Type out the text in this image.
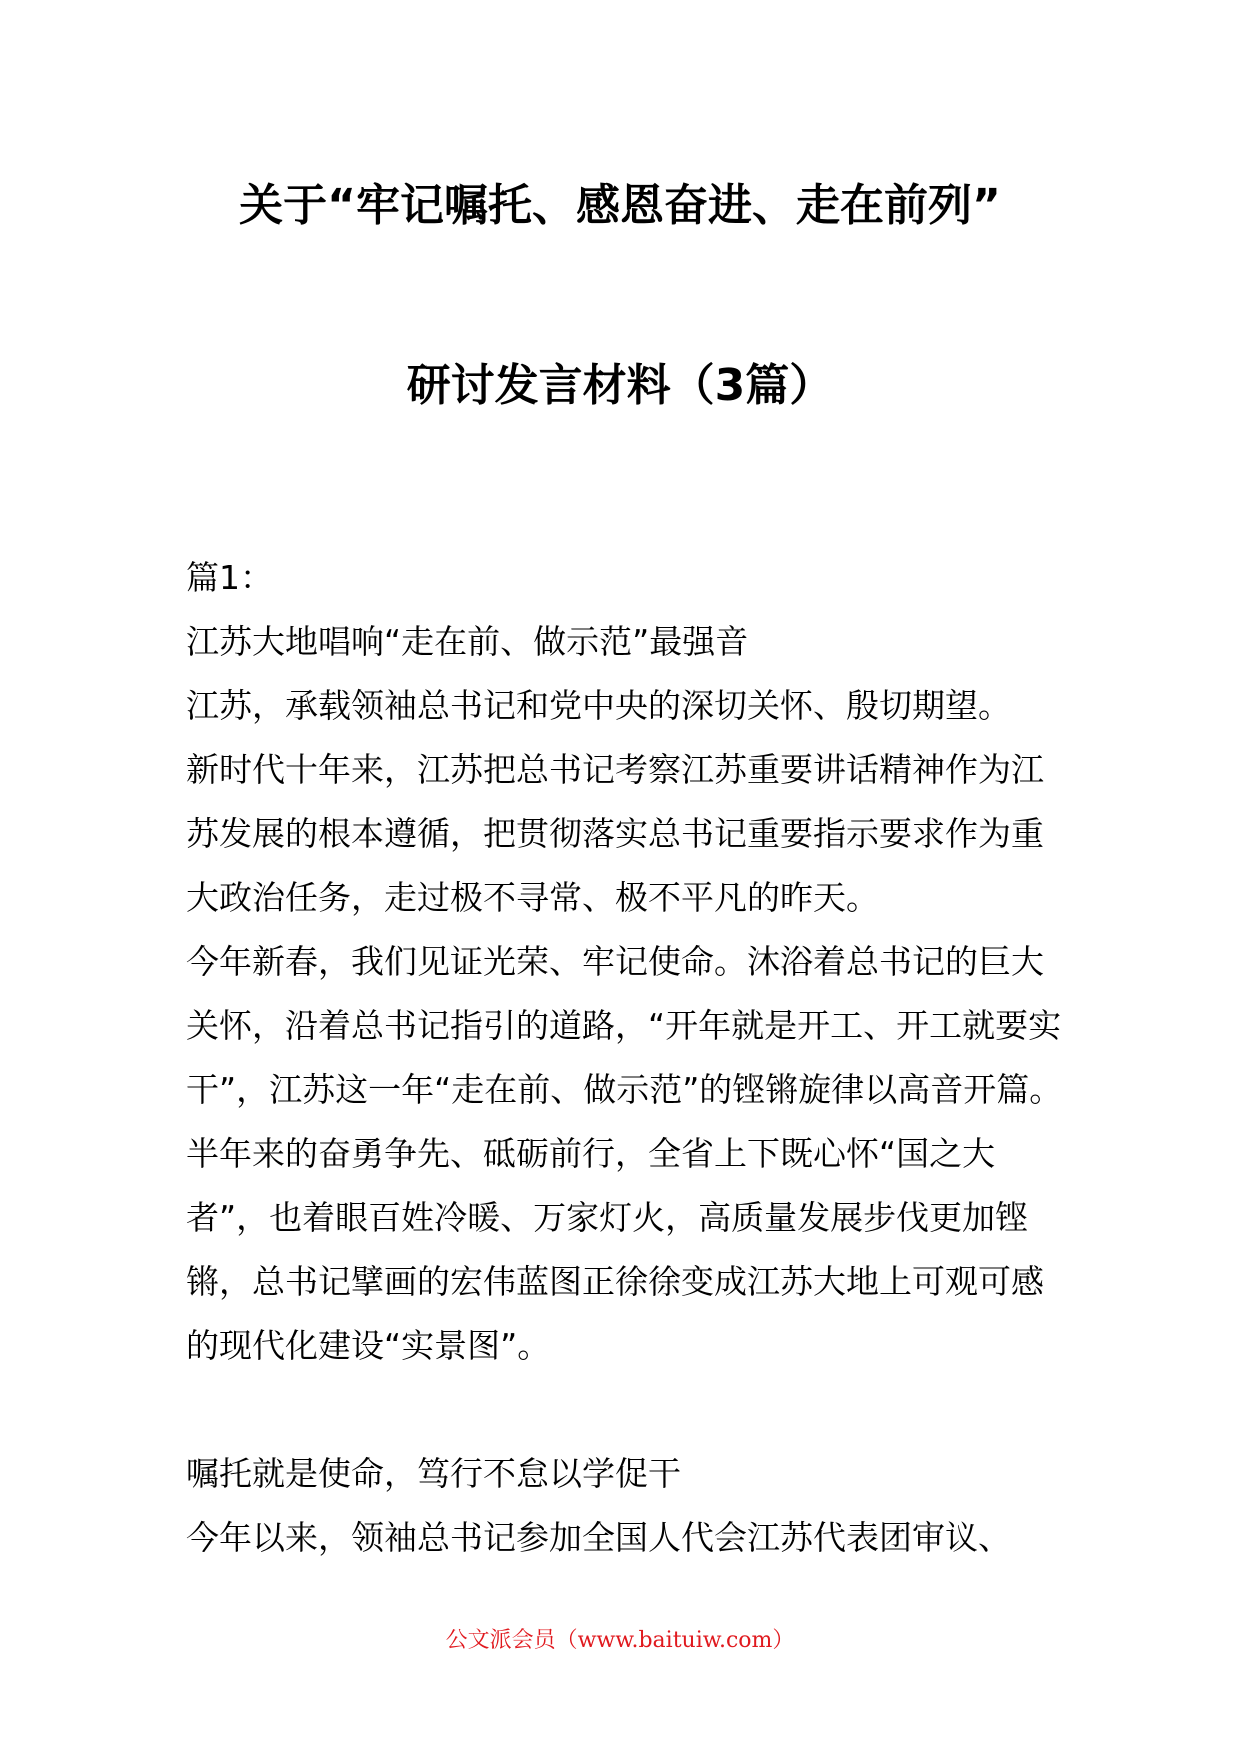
关于“牢记嘱托、感恩奋进、走在前列”
研讨发言材料（3篇）

篇1：

江苏大地唱响“走在前、做示范”最强音

江苏，承载领袖总书记和党中央的深切关怀、殷切期望。

新时代十年来，江苏把总书记考察江苏重要讲话精神作为江苏发展的根本遵循，把贯彻落实总书记重要指示要求作为重大政治任务，走过极不寻常、极不平凡的昨天。

今年新春，我们见证光荣、牢记使命。沐浴着总书记的巨大关怀，沿着总书记指引的道路，“开年就是开工、开工就要实干”，江苏这一年“走在前、做示范”的铿锵旋律以高音开篇。半年来的奋勇争先、砥砺前行，全省上下既心怀“国之大者”，也着眼百姓冷暖、万家灯火，高质量发展步伐更加铿锵，总书记擘画的宏伟蓝图正徐徐变成江苏大地上可观可感的现代化建设“实景图”。

嘱托就是使命，笃行不怠以学促干

今年以来，领袖总书记参加全国人代会江苏代表团审议、

公文派会员（www.baituiw.com）
